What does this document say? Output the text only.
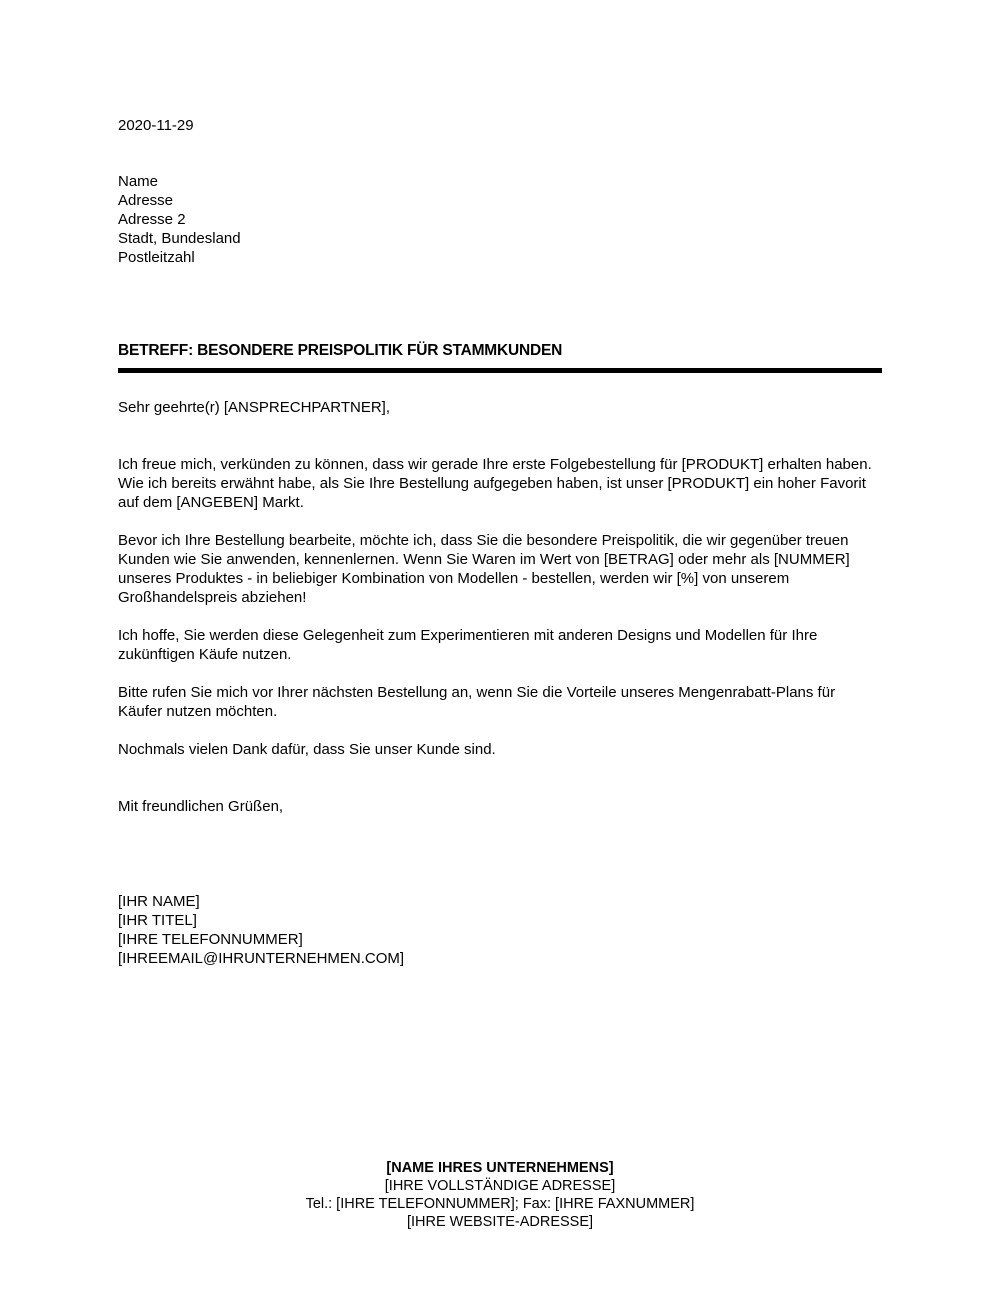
2020-11-29
Name
Adresse
Adresse 2
Stadt, Bundesland
Postleitzahl
BETREFF: BESONDERE PREISPOLITIK FÜR STAMMKUNDEN
Sehr geehrte(r) [ANSPRECHPARTNER],

Ich freue mich, verkünden zu können, dass wir gerade Ihre erste Folgebestellung für [PRODUKT] erhalten haben. Wie ich bereits erwähnt habe, als Sie Ihre Bestellung aufgegeben haben, ist unser [PRODUKT] ein hoher Favorit auf dem [ANGEBEN] Markt.

Bevor ich Ihre Bestellung bearbeite, möchte ich, dass Sie die besondere Preispolitik, die wir gegenüber treuen Kunden wie Sie anwenden, kennenlernen. Wenn Sie Waren im Wert von [BETRAG] oder mehr als [NUMMER] unseres Produktes - in beliebiger Kombination von Modellen - bestellen, werden wir [%] von unserem Großhandelspreis abziehen!

Ich hoffe, Sie werden diese Gelegenheit zum Experimentieren mit anderen Designs und Modellen für Ihre zukünftigen Käufe nutzen.

Bitte rufen Sie mich vor Ihrer nächsten Bestellung an, wenn Sie die Vorteile unseres Mengenrabatt-Plans für Käufer nutzen möchten.

Nochmals vielen Dank dafür, dass Sie unser Kunde sind.

Mit freundlichen Grüßen,
[IHR NAME]
[IHR TITEL]
[IHRE TELEFONNUMMER]
[IHREEMAIL@IHRUNTERNEHMEN.COM]
[NAME IHRES UNTERNEHMENS]
[IHRE VOLLSTÄNDIGE ADRESSE]
Tel.: [IHRE TELEFONNUMMER]; Fax: [IHRE FAXNUMMER]
[IHRE WEBSITE-ADRESSE]
